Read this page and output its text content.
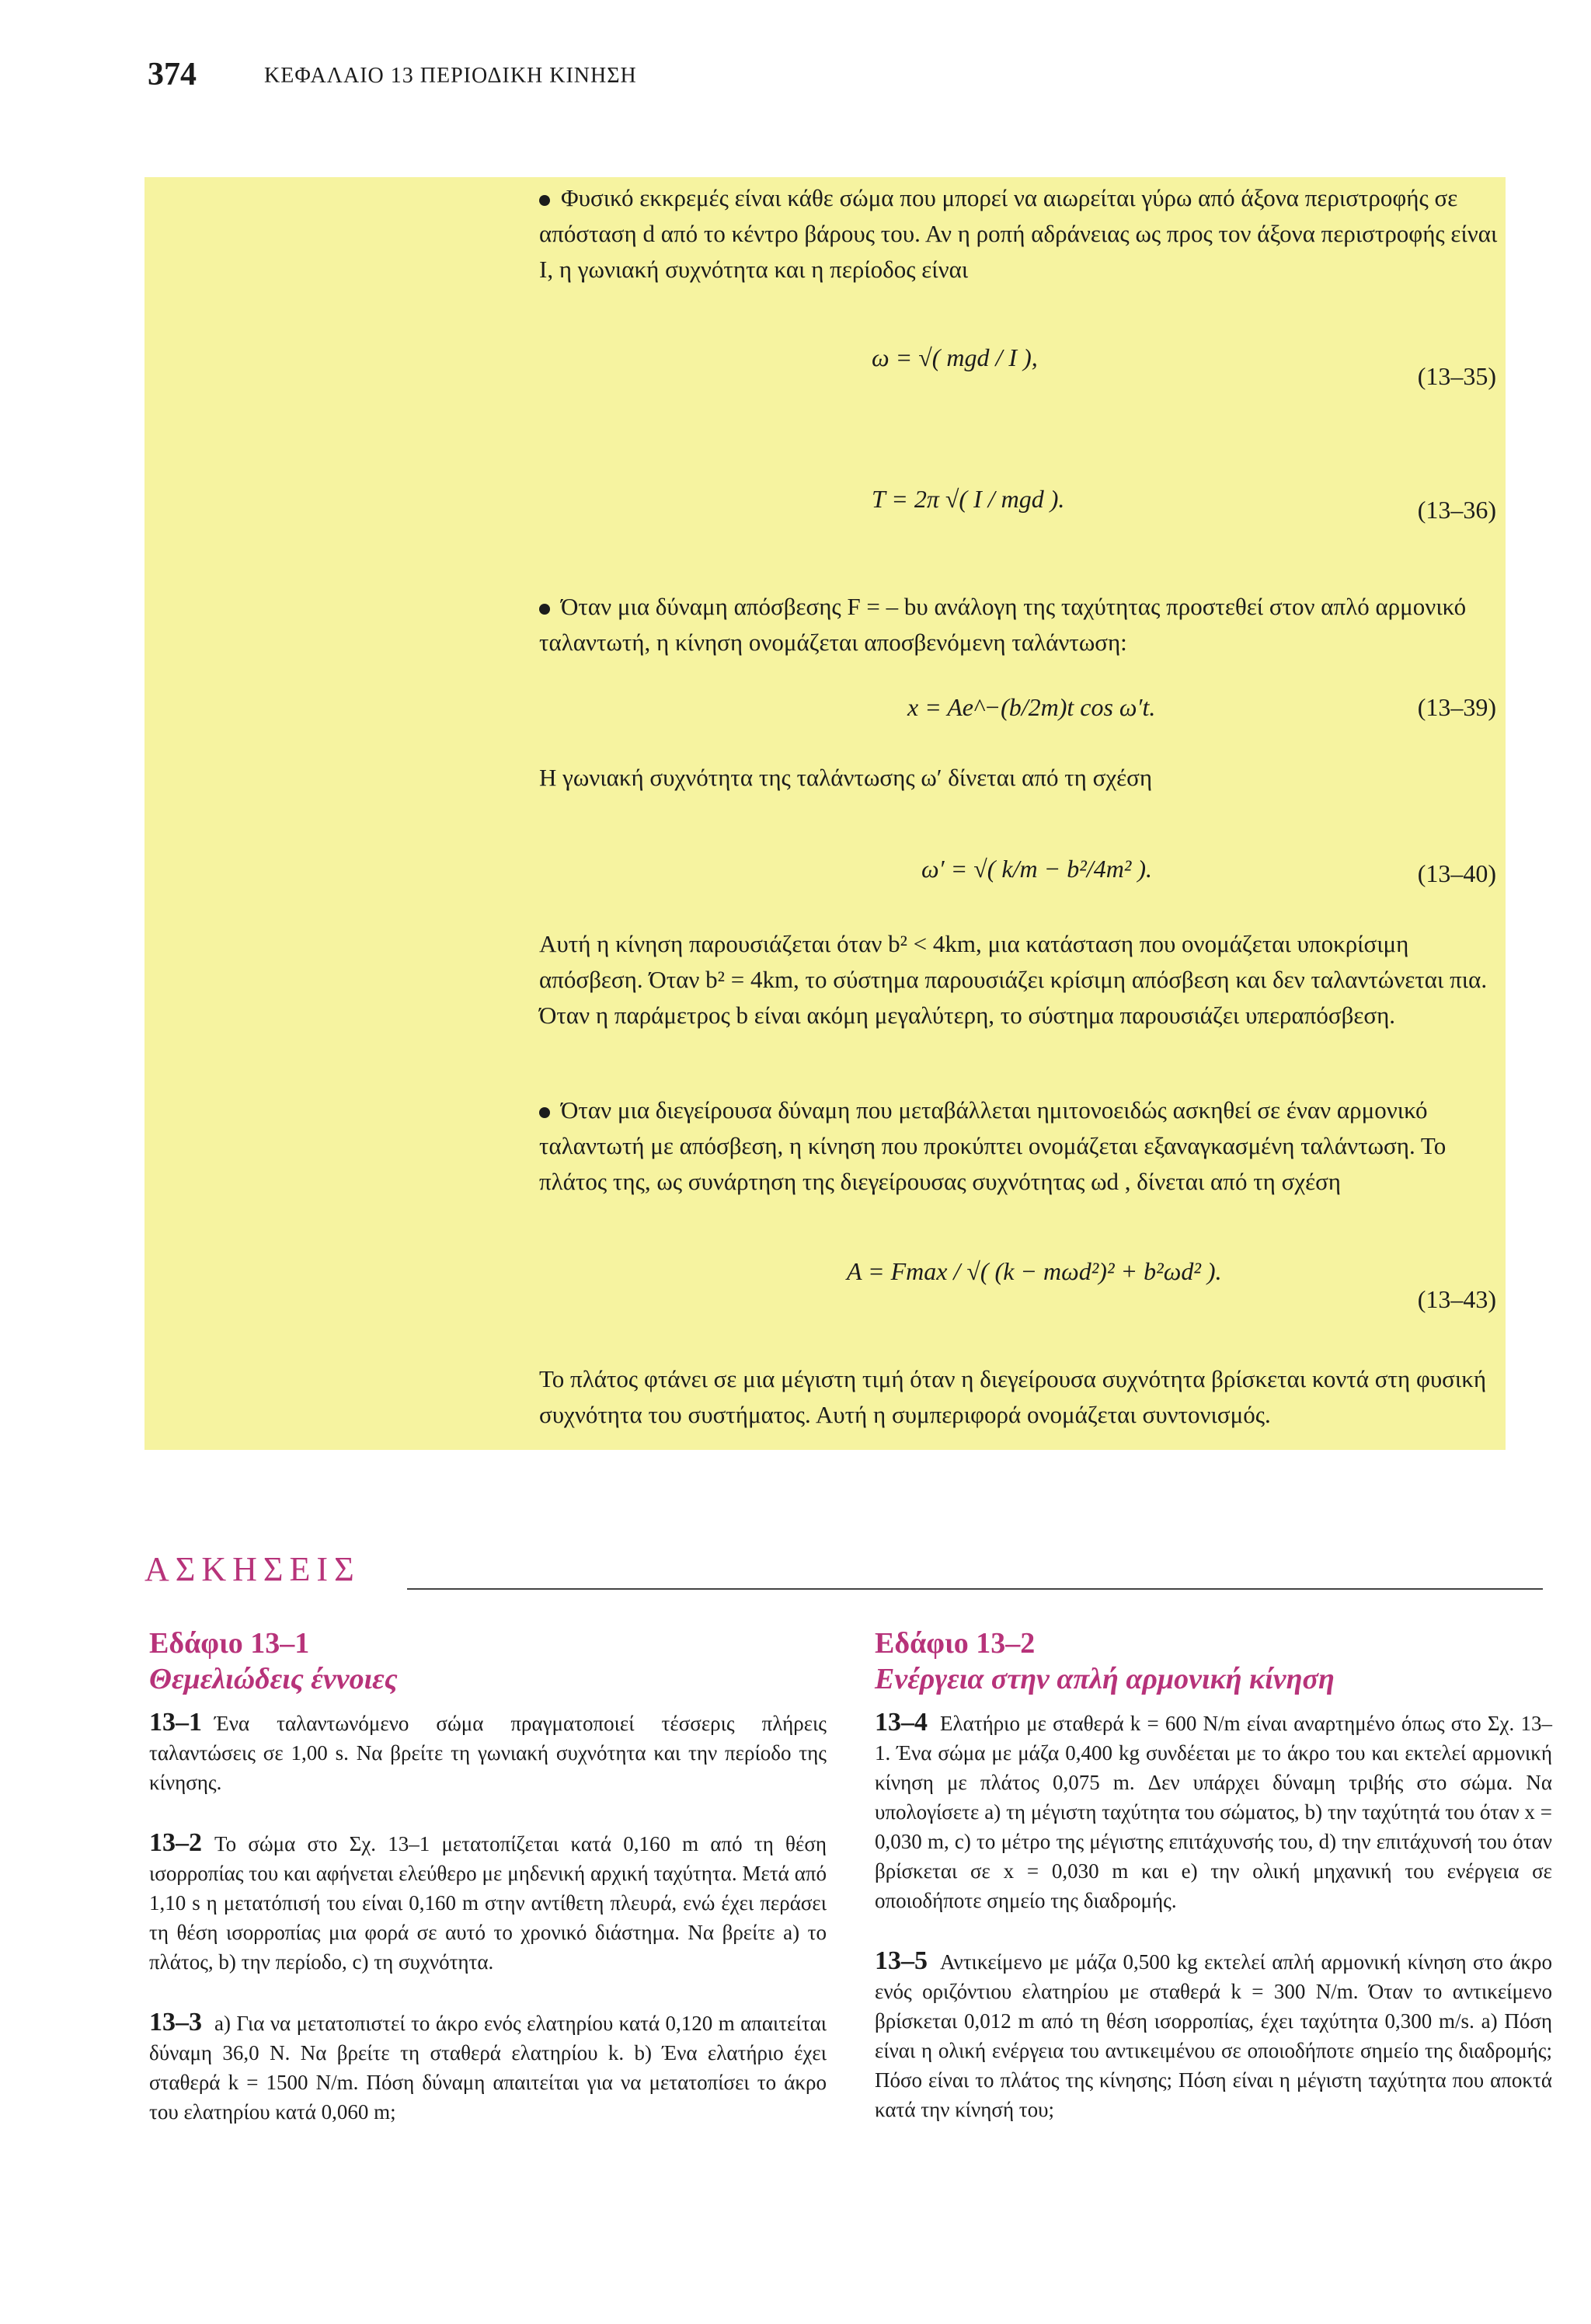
374	ΚΕΦΑΛΑΙΟ 13 ΠΕΡΙΟΔΙΚΗ ΚΙΝΗΣΗ

Φυσικό εκκρεμές είναι κάθε σώμα που μπορεί να αιωρείται γύρω από άξονα περιστροφής σε απόσταση d από το κέντρο βάρους του. Αν η ροπή αδράνειας ως προς τον άξονα περιστροφής είναι I, η γωνιακή συχνότητα και η περίοδος είναι

ω = √( mgd / I ),
(13–35)
T = 2π √( I / mgd ).	(13–36)

Όταν μια δύναμη απόσβεσης F = – bυ ανάλογη της ταχύτητας προστεθεί στον απλό αρμονικό ταλαντωτή, η κίνηση ονομάζεται αποσβενόμενη ταλάντωση:

x = Ae^−(b/2m)t cos ω′t.	(13–39)

Η γωνιακή συχνότητα της ταλάντωσης ω′ δίνεται από τη σχέση

ω′ = √( k/m − b²/4m² ).	(13–40)

Αυτή η κίνηση παρουσιάζεται όταν b² < 4km, μια κατάσταση που ονομάζεται υποκρίσιμη απόσβεση. Όταν b² = 4km, το σύστημα παρουσιάζει κρίσιμη απόσβεση και δεν ταλαντώνεται πια. Όταν η παράμετρος b είναι ακόμη μεγαλύτερη, το σύστημα παρουσιάζει υπεραπόσβεση.

Όταν μια διεγείρουσα δύναμη που μεταβάλλεται ημιτονοειδώς ασκηθεί σε έναν αρμονικό ταλαντωτή με απόσβεση, η κίνηση που προκύπτει ονομάζεται εξαναγκασμένη ταλάντωση. Το πλάτος της, ως συνάρτηση της διεγείρουσας συχνότητας ωd , δίνεται από τη σχέση

A = Fmax / √( (k − mωd²)² + b²ωd² ).
(13–43)

Το πλάτος φτάνει σε μια μέγιστη τιμή όταν η διεγείρουσα συχνότητα βρίσκεται κοντά στη φυσική συχνότητα του συστήματος. Αυτή η συμπεριφορά ονομάζεται συντονισμός.

ΑΣΚΗΣΕΙΣ

Εδάφιο 13–1

Θεμελιώδεις έννοιες

13–1 Ένα ταλαντωνόμενο σώμα πραγματοποιεί τέσσερις πλήρεις ταλαντώσεις σε 1,00 s. Να βρείτε τη γωνιακή συχνότητα και την περίοδο της κίνησης.

13–2 Το σώμα στο Σχ. 13–1 μετατοπίζεται κατά 0,160 m από τη θέση ισορροπίας του και αφήνεται ελεύθερο με μηδενική αρχική ταχύτητα. Μετά από 1,10 s η μετατόπισή του είναι 0,160 m στην αντίθετη πλευρά, ενώ έχει περάσει τη θέση ισορροπίας μια φορά σε αυτό το χρονικό διάστημα. Να βρείτε a) το πλάτος, b) την περίοδο, c) τη συχνότητα.

13–3 a) Για να μετατοπιστεί το άκρο ενός ελατηρίου κατά 0,120 m απαιτείται δύναμη 36,0 N. Να βρείτε τη σταθερά ελατηρίου k. b) Ένα ελατήριο έχει σταθερά k = 1500 N/m. Πόση δύναμη απαιτείται για να μετατοπίσει το άκρο του ελατηρίου κατά 0,060 m;

Εδάφιο 13–2

Ενέργεια στην απλή αρμονική κίνηση

13–4 Ελατήριο με σταθερά k = 600 N/m είναι αναρτημένο όπως στο Σχ. 13–1. Ένα σώμα με μάζα 0,400 kg συνδέεται με το άκρο του και εκτελεί αρμονική κίνηση με πλάτος 0,075 m. Δεν υπάρχει δύναμη τριβής στο σώμα. Να υπολογίσετε a) τη μέγιστη ταχύτητα του σώματος, b) την ταχύτητά του όταν x = 0,030 m, c) το μέτρο της μέγιστης επιτάχυνσής του, d) την επιτάχυνσή του όταν βρίσκεται σε x = 0,030 m και e) την ολική μηχανική του ενέργεια σε οποιοδήποτε σημείο της διαδρομής.

13–5 Αντικείμενο με μάζα 0,500 kg εκτελεί απλή αρμονική κίνηση στο άκρο ενός οριζόντιου ελατηρίου με σταθερά k = 300 N/m. Όταν το αντικείμενο βρίσκεται 0,012 m από τη θέση ισορροπίας, έχει ταχύτητα 0,300 m/s. a) Πόση είναι η ολική ενέργεια του αντικειμένου σε οποιοδήποτε σημείο της διαδρομής; Πόσο είναι το πλάτος της κίνησης; Πόση είναι η μέγιστη ταχύτητα που αποκτά κατά την κίνησή του;
